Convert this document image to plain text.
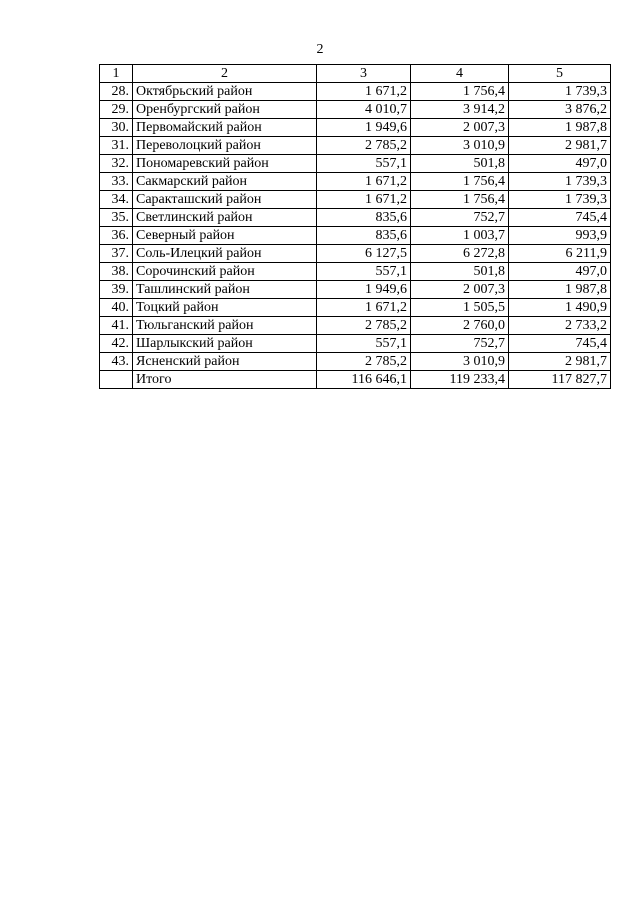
2
1	2	3	4	5
28.	Октябрьский район	1 671,2	1 756,4	1 739,3
29.	Оренбургский район	4 010,7	3 914,2	3 876,2
30.	Первомайский район	1 949,6	2 007,3	1 987,8
31.	Переволоцкий район	2 785,2	3 010,9	2 981,7
32.	Пономаревский район	557,1	501,8	497,0
33.	Сакмарский район	1 671,2	1 756,4	1 739,3
34.	Саракташский район	1 671,2	1 756,4	1 739,3
35.	Светлинский район	835,6	752,7	745,4
36.	Северный район	835,6	1 003,7	993,9
37.	Соль-Илецкий район	6 127,5	6 272,8	6 211,9
38.	Сорочинский район	557,1	501,8	497,0
39.	Ташлинский район	1 949,6	2 007,3	1 987,8
40.	Тоцкий район	1 671,2	1 505,5	1 490,9
41.	Тюльганский район	2 785,2	2 760,0	2 733,2
42.	Шарлыкский район	557,1	752,7	745,4
43.	Ясненский район	2 785,2	3 010,9	2 981,7
	Итого	116 646,1	119 233,4	117 827,7
